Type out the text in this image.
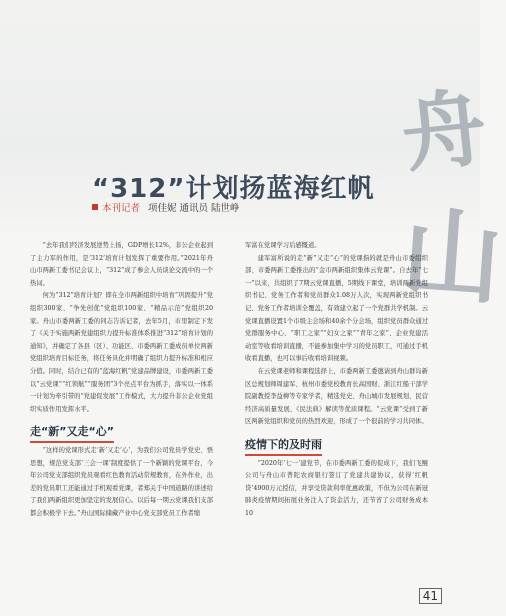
舟
山
“312”计划扬蓝海红帆
本刊记者 项佳妮 通讯员 陆世峥

“去年我们经济发展逆势上扬，GDP增长12%，非公企业起到了主力军的作用，是‘312’培育计划发挥了重要作用。”2021年舟山市两新工委书记会议上，“312”成了参会人员谈论交流中的一个热词。

何为“312”培育计划？即在全市两新组织中培育“巩固提升”党组织300家、“争先创优”党组织100家、“精品示范”党组织20家。舟山市委两新工委的同志告诉记者，去年5月，市里制定下发了《关于实施两新党建组织力提升标准体系推进“312”培育计划的通知》，并确定了各县（区）、功能区、市委两新工委成员单位两新党组织培育目标任务，将任务具化并明确了组织力提升标准和相应分值。同时，结合已有的“蓝海红帆”党建品牌建设，市委两新工委以“云党课”“红领航”“服务团”3个亮点平台为抓手，落实以一体系一计划为牵引带的“党建促发展”工作模式，大力提升非公企业党组织实质作用发挥水平。

走“新”又走“心”

“这样的党课形式走‘新’又走‘心’，为我们公司党员学党史、悟思想，规范党支部‘三会一课’制度提供了一个新颖的党课平台，今年公司党支部组织党员观看红色教育活动常规教育，在外作业，出差的党员职工还能通过手机观看党课，者郑关于中国道路的讲述给了我们两新组织更加坚定的发展信心。以后每一期云党课我们支部都会积极学下去。”舟山国际储藏产业中心党支部党员工作者缩

军富在党课学习后感慨道。

建军富所说的走“新”又走“心”的党课指的就是舟山市委组织部、市委两新工委推出的“金市两新组织集体云党课”。自去年“七一”以来，共组织了7期云党课直播，5期线下课堂，培训两新党组织书记、党务工作者和党员群众1.08万人次，实现两新党组织书记、党务工作者培训全覆盖，有效建立起了一个党群共学机制。云党课直播设置1个市级主会场和40余个分会场，组织党员群众通过党群服务中心、“职工之家”“妇女之家”“青年之家”、企业党建活动室等收看培训直播，不能参加集中学习的党员职工，可通过手机收看直播，也可以事后收看培训视频。

在云党课老师和课程选择上，市委两新工委邀请到舟山群岛新区总规划师周建军、杭州市委党校教育长高国财、浙江红船干部学院副教授李益柳等专家学者，精选党史、舟山城市发展规划、民营经济高质量发展、《民法典》解读等优质课程。“云党课”受到了新区两新党组织和党员的热烈欢迎，形成了一个很前的学习共同体。

疫情下的及时雨

“2020年‘七一’建党节，在市委两新工委的促成下，我们飞鲲公司与舟山市普陀农商银行签订了党建共建协议，获得‘红帆贷’4900万元授信，并享受贷款利率优惠政策，不但为公司在新冠肺炎疫情期间拓展业务注入了资金活力，还节省了公司财务成本10

41
